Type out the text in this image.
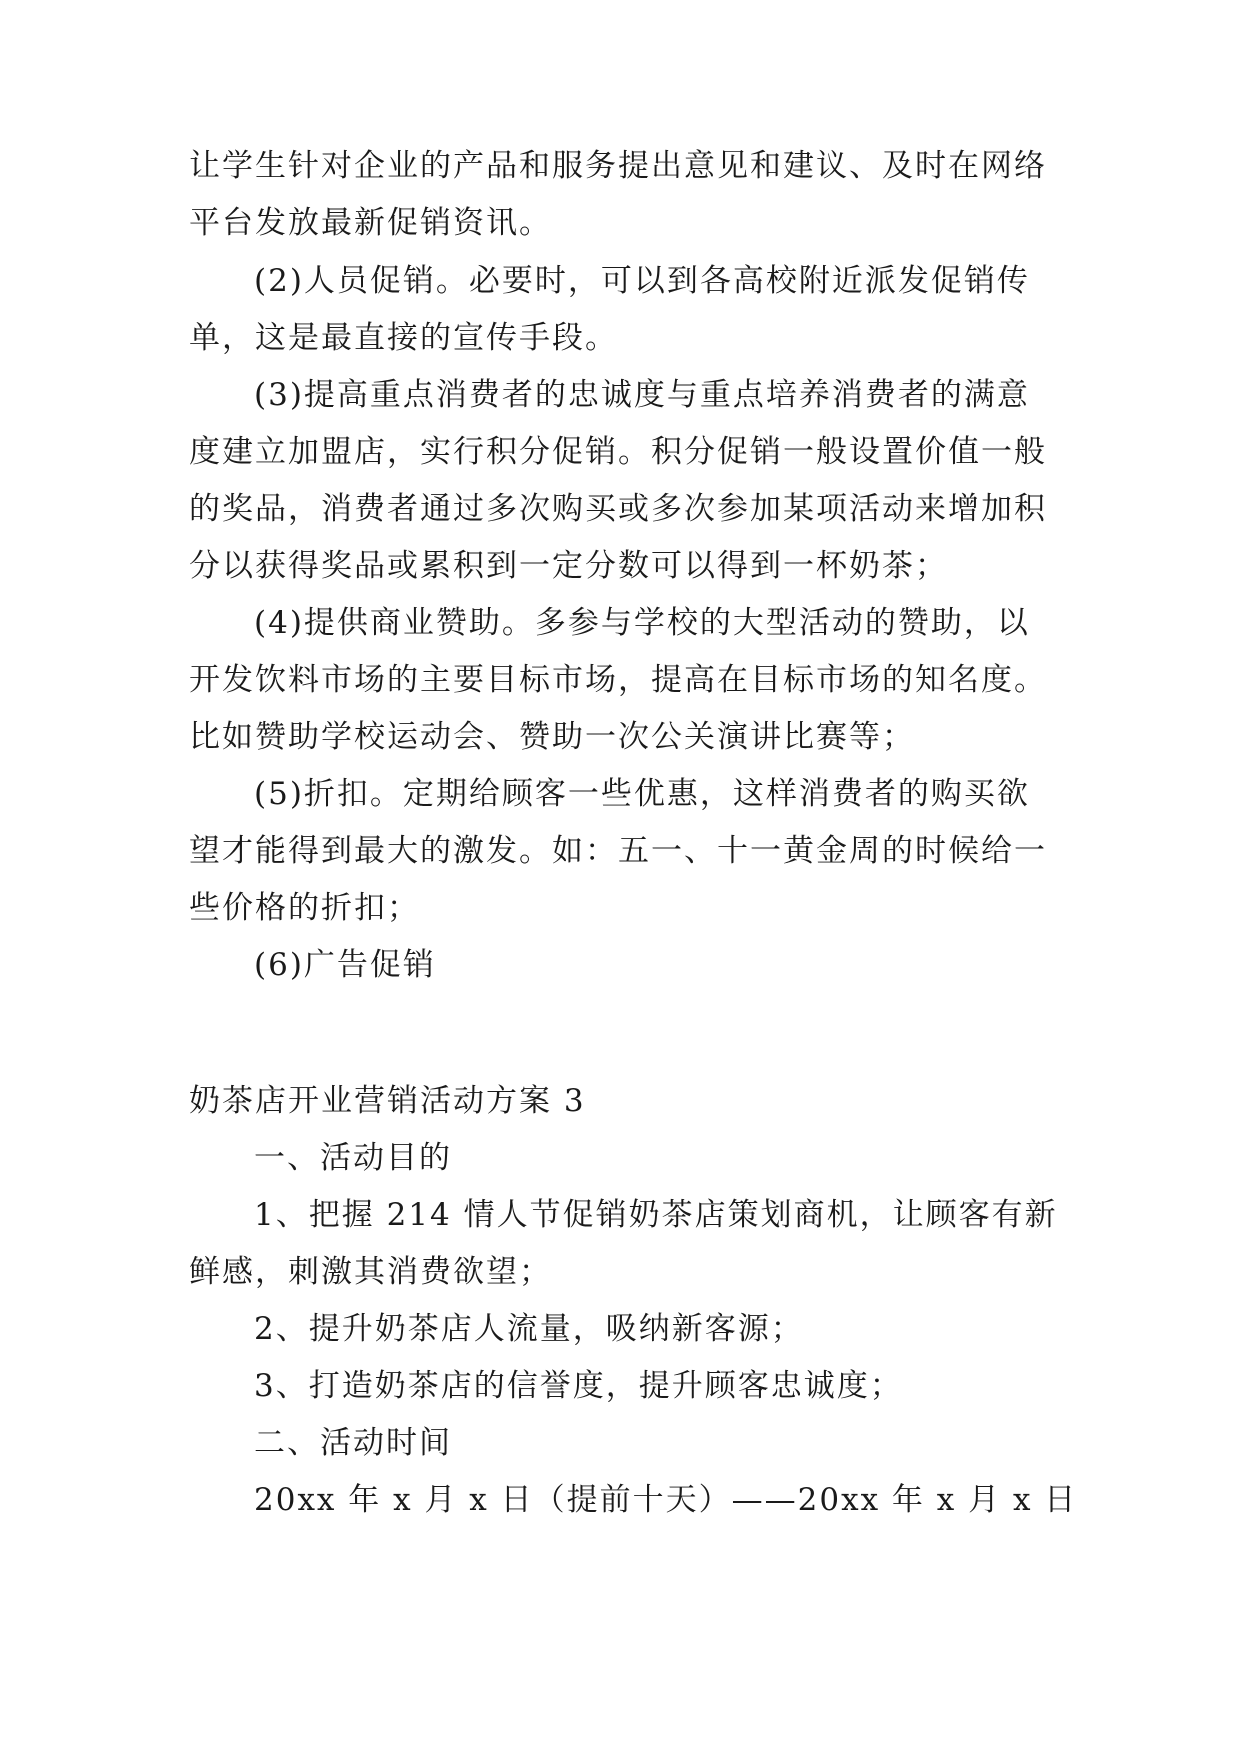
让学生针对企业的产品和服务提出意见和建议、及时在网络
平台发放最新促销资讯。
(2)人员促销。必要时，可以到各高校附近派发促销传
单，这是最直接的宣传手段。
(3)提高重点消费者的忠诚度与重点培养消费者的满意
度建立加盟店，实行积分促销。积分促销一般设置价值一般
的奖品，消费者通过多次购买或多次参加某项活动来增加积
分以获得奖品或累积到一定分数可以得到一杯奶茶；
(4)提供商业赞助。多参与学校的大型活动的赞助，以
开发饮料市场的主要目标市场，提高在目标市场的知名度。
比如赞助学校运动会、赞助一次公关演讲比赛等；
(5)折扣。定期给顾客一些优惠，这样消费者的购买欲
望才能得到最大的激发。如：五一、十一黄金周的时候给一
些价格的折扣；
(6)广告促销
奶茶店开业营销活动方案 3
一、活动目的
1、把握 214 情人节促销奶茶店策划商机，让顾客有新
鲜感，刺激其消费欲望；
2、提升奶茶店人流量，吸纳新客源；
3、打造奶茶店的信誉度，提升顾客忠诚度；
二、活动时间
20xx 年 x 月 x 日（提前十天）——20xx 年 x 月 x 日
